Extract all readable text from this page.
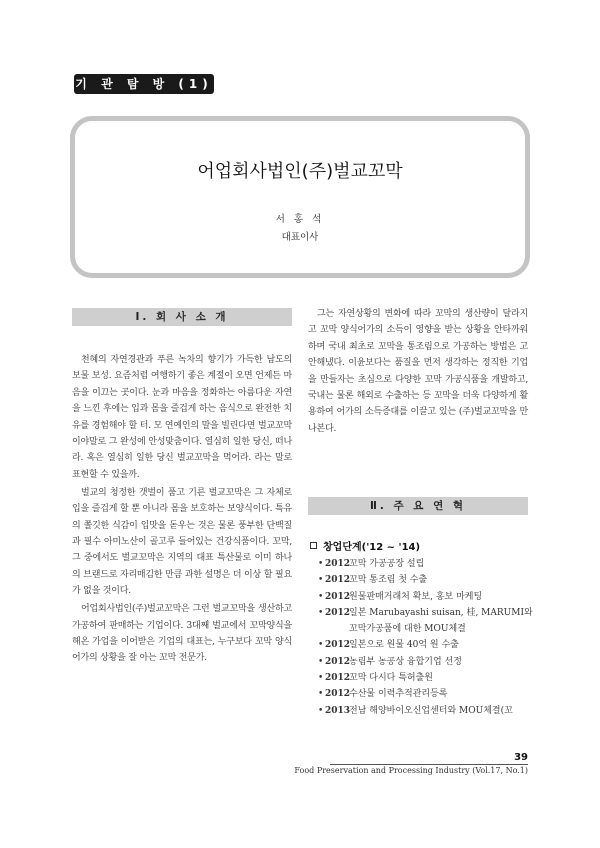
기 관 탐 방 (1)
어업회사법인(주)벌교꼬막
서 홍 석
대표이사
Ⅰ. 회 사 소 개

천혜의 자연경관과 푸른 녹차의 향기가 가득한 남도의 보물 보성. 요즘처럼 여행하기 좋은 계절이 오면 언제든 마음을 이끄는 곳이다. 눈과 마음을 정화하는 아름다운 자연을 느낀 후에는 입과 몸을 즐겁게 하는 음식으로 완전한 치유를 경험해야 할 터. 모 연예인의 말을 빌린다면 벌교꼬막이야말로 그 완성에 안성맞춤이다. 열심히 일한 당신, 떠나라. 혹은 열심히 일한 당신 벌교꼬막을 먹어라. 라는 말로 표현할 수 있을까.

벌교의 청정한 갯벌이 품고 기른 벌교꼬막은 그 자체로 입을 즐겁게 할 뿐 아니라 몸을 보호하는 보양식이다. 특유의 쫄깃한 식감이 입맛을 돋우는 것은 물론 풍부한 단백질과 필수 아미노산이 골고루 들어있는 건강식품이다. 꼬막, 그 중에서도 벌교꼬막은 지역의 대표 특산물로 이미 하나의 브랜드로 자리매김한 만큼 과한 설명은 더 이상 할 필요가 없을 것이다.

어업회사법인(주)벌교꼬막은 그런 벌교꼬막을 생산하고 가공하여 판매하는 기업이다. 3대째 벌교에서 꼬막양식을 해온 가업을 이어받은 기업의 대표는, 누구보다 꼬막 양식어가의 상황을 잘 아는 꼬막 전문가.

그는 자연상황의 변화에 따라 꼬막의 생산량이 달라지고 꼬막 양식어가의 소득이 영향을 받는 상황을 안타까워하며 국내 최초로 꼬막을 통조림으로 가공하는 방법은 고안해냈다. 이윤보다는 품질을 먼저 생각하는 정직한 기업을 만들자는 초심으로 다양한 꼬막 가공식품을 개발하고, 국내는 물론 해외로 수출하는 등 꼬막을 더욱 다양하게 활용하여 어가의 소득증대를 이끌고 있는 (주)벌교꼬막을 만나본다.

Ⅱ. 주 요 연 혁
창업단계('12 ~ '14)
• 2012꼬막 가공공장 설립
• 2012꼬막 통조림 첫 수출
• 2012원물판매거래처 확보, 홍보 마케팅
• 2012일본 Marubayashi suisan, 桂, MARUMI와 꼬막가공품에 대한 MOU체결
• 2012일본으로 원물 40억 원 수출
• 2012농림부 농공상 융합기업 선정
• 2012꼬막 다시다 특허출원
• 2012수산물 이력추적관리등록
• 2013전남 해양바이오신업센터와 MOU체결(꼬
39
Food Preservation and Processing Industry (Vol.17, No.1)
